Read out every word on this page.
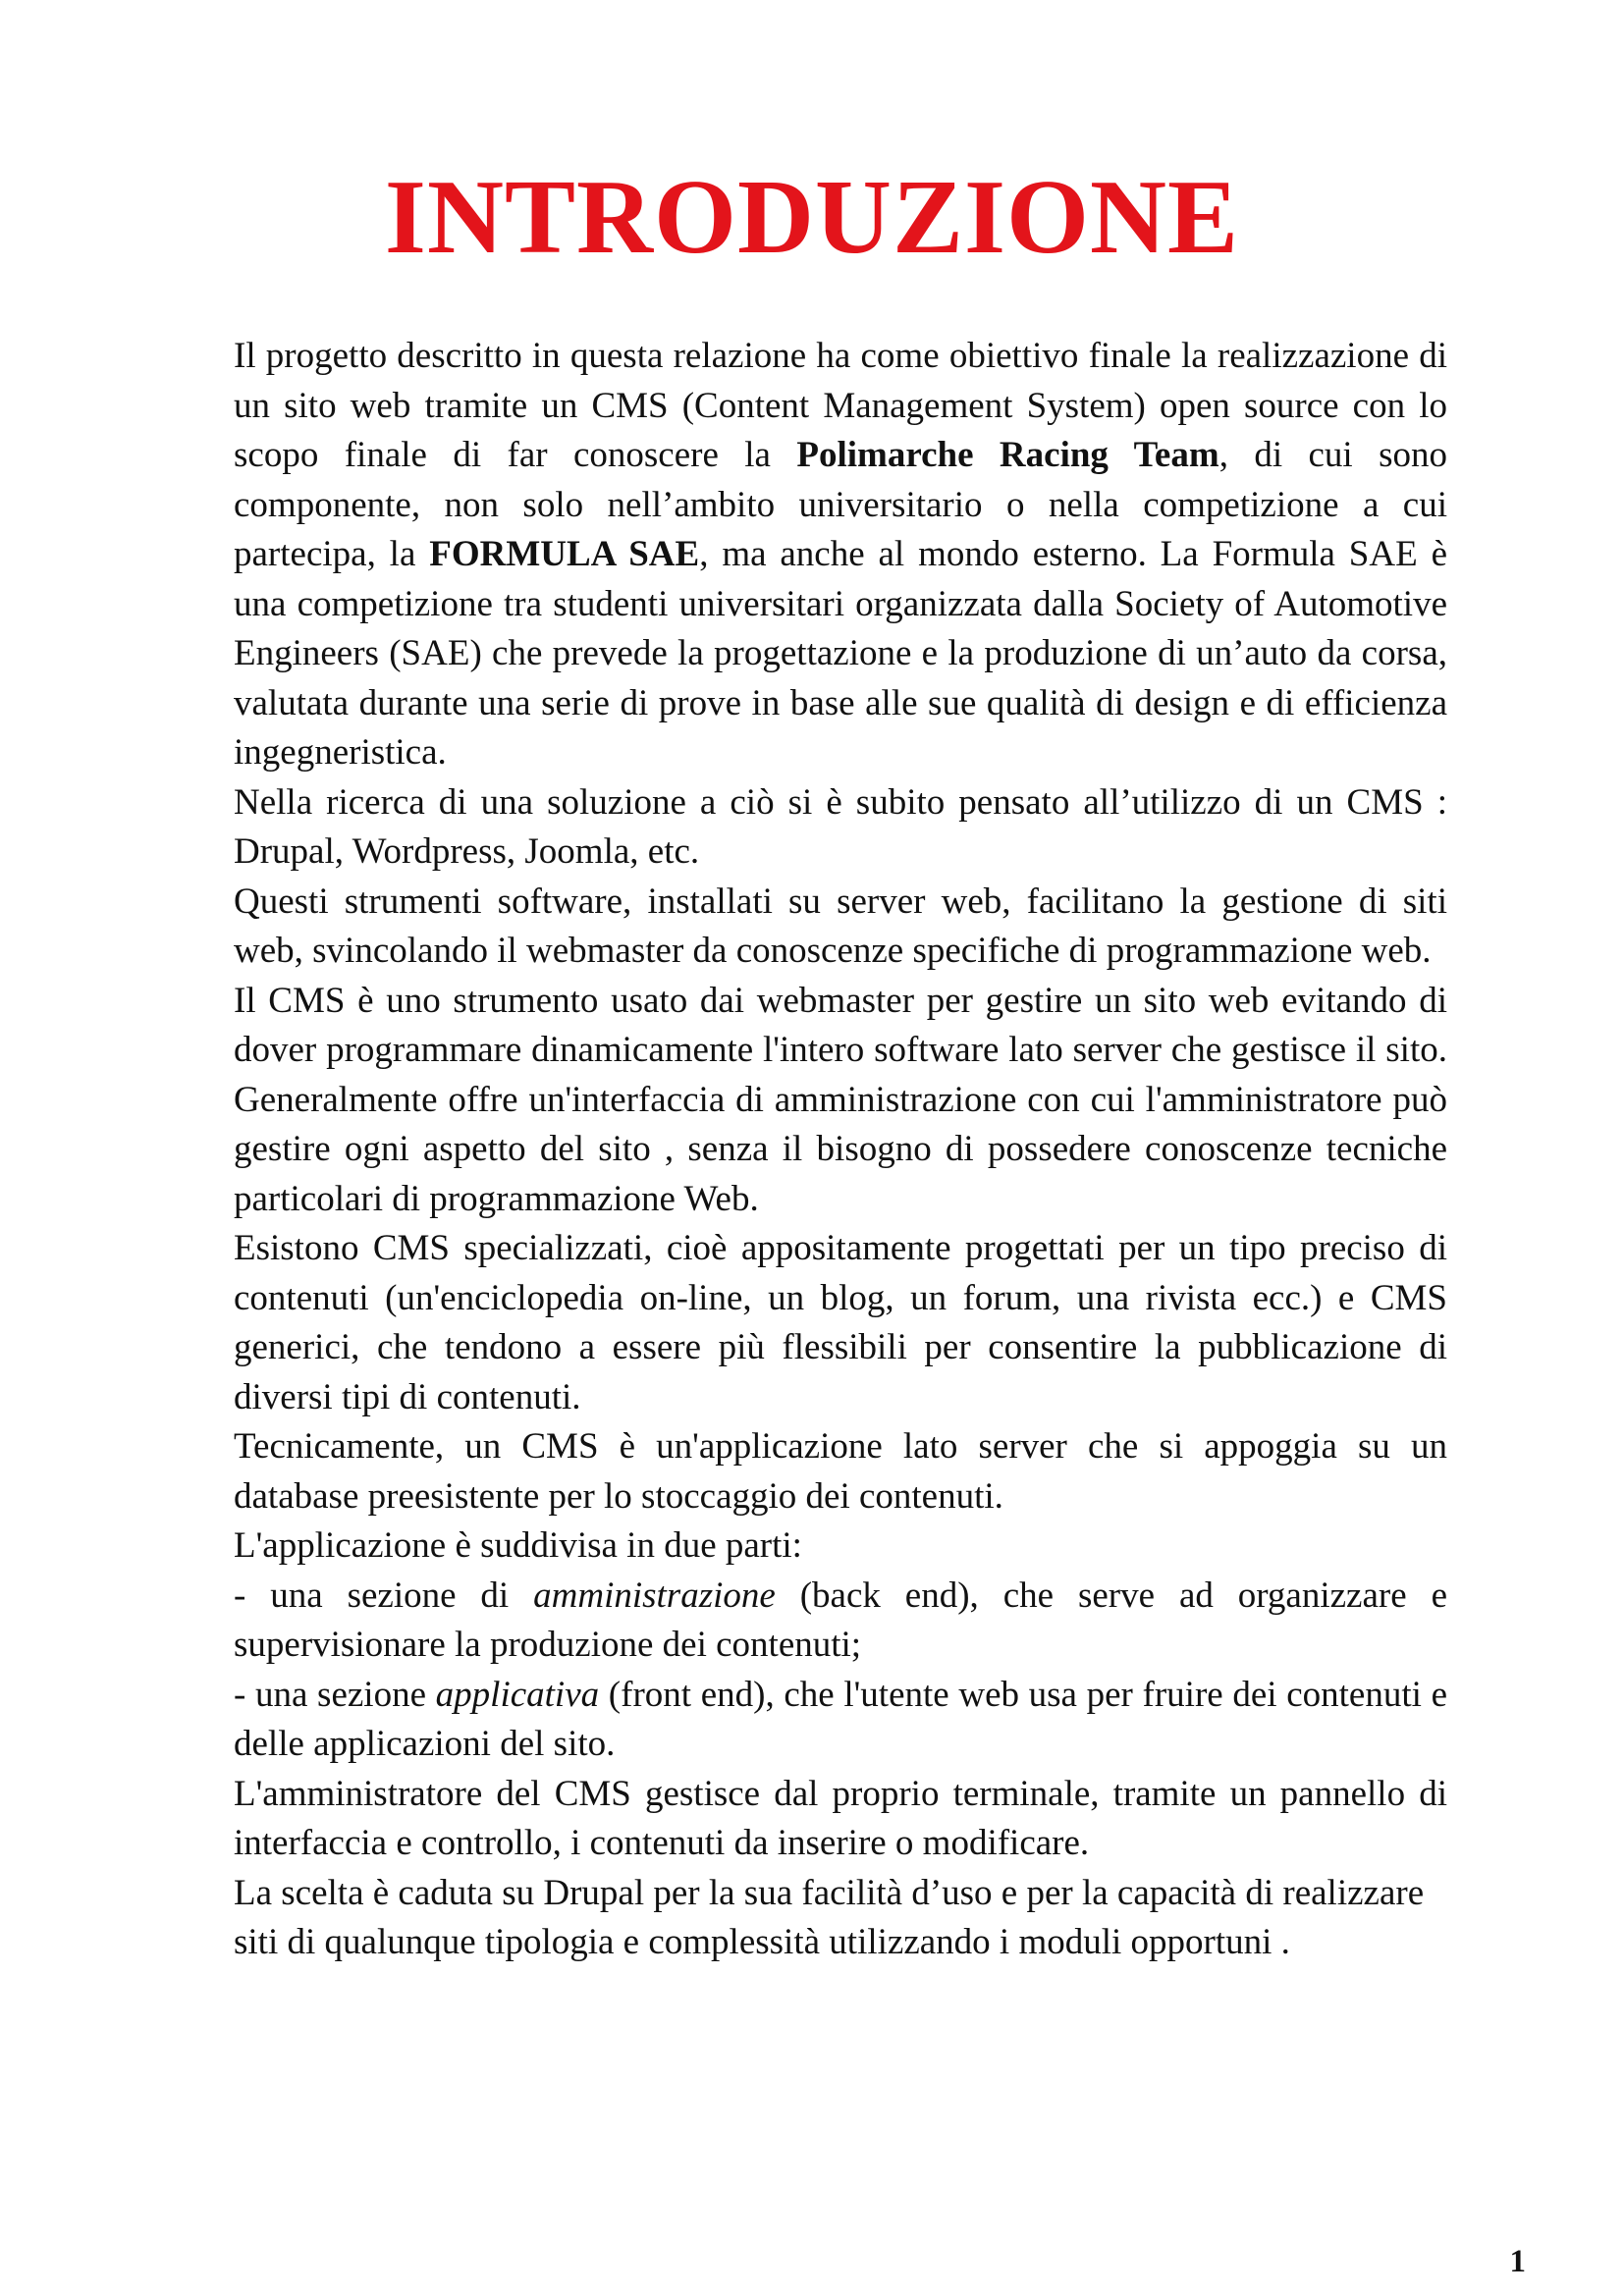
INTRODUZIONE

Il progetto descritto in questa relazione ha come obiettivo finale la realizzazione di un sito web tramite un CMS (Content Management System) open source con lo scopo finale di far conoscere la Polimarche Racing Team, di cui sono componente, non solo nell’ambito universitario o nella competizione a cui partecipa, la FORMULA SAE, ma anche al mondo esterno. La Formula SAE è una competizione tra studenti universitari organizzata dalla Society of Automotive Engineers (SAE) che prevede la progettazione e la produzione di un’auto da corsa, valutata durante una serie di prove in base alle sue qualità di design e di efficienza ingegneristica.

Nella ricerca di una soluzione a ciò si è subito pensato all’utilizzo di un CMS : Drupal, Wordpress, Joomla, etc.

Questi strumenti software, installati su server web, facilitano la gestione di siti web, svincolando il webmaster da conoscenze specifiche di programmazione web.

Il CMS è uno strumento usato dai webmaster per gestire un sito web evitando di dover programmare dinamicamente l'intero software lato server che gestisce il sito. Generalmente offre un'interfaccia di amministrazione con cui l'amministratore può gestire ogni aspetto del sito , senza il bisogno di possedere conoscenze tecniche particolari di programmazione Web.

Esistono CMS specializzati, cioè appositamente progettati per un tipo preciso di contenuti (un'enciclopedia on-line, un blog, un forum, una rivista ecc.) e CMS generici, che tendono a essere più flessibili per consentire la pubblicazione di diversi tipi di contenuti.

Tecnicamente, un CMS è un'applicazione lato server che si appoggia su un database preesistente per lo stoccaggio dei contenuti.

L'applicazione è suddivisa in due parti:

- una sezione di amministrazione (back end), che serve ad organizzare e supervisionare la produzione dei contenuti;

- una sezione applicativa (front end), che l'utente web usa per fruire dei contenuti e delle applicazioni del sito.

L'amministratore del CMS gestisce dal proprio terminale, tramite un pannello di interfaccia e controllo, i contenuti da inserire o modificare.

La scelta è caduta su Drupal per la sua facilità d’uso e per la capacità di realizzare siti di qualunque tipologia e complessità utilizzando i moduli opportuni .

1
